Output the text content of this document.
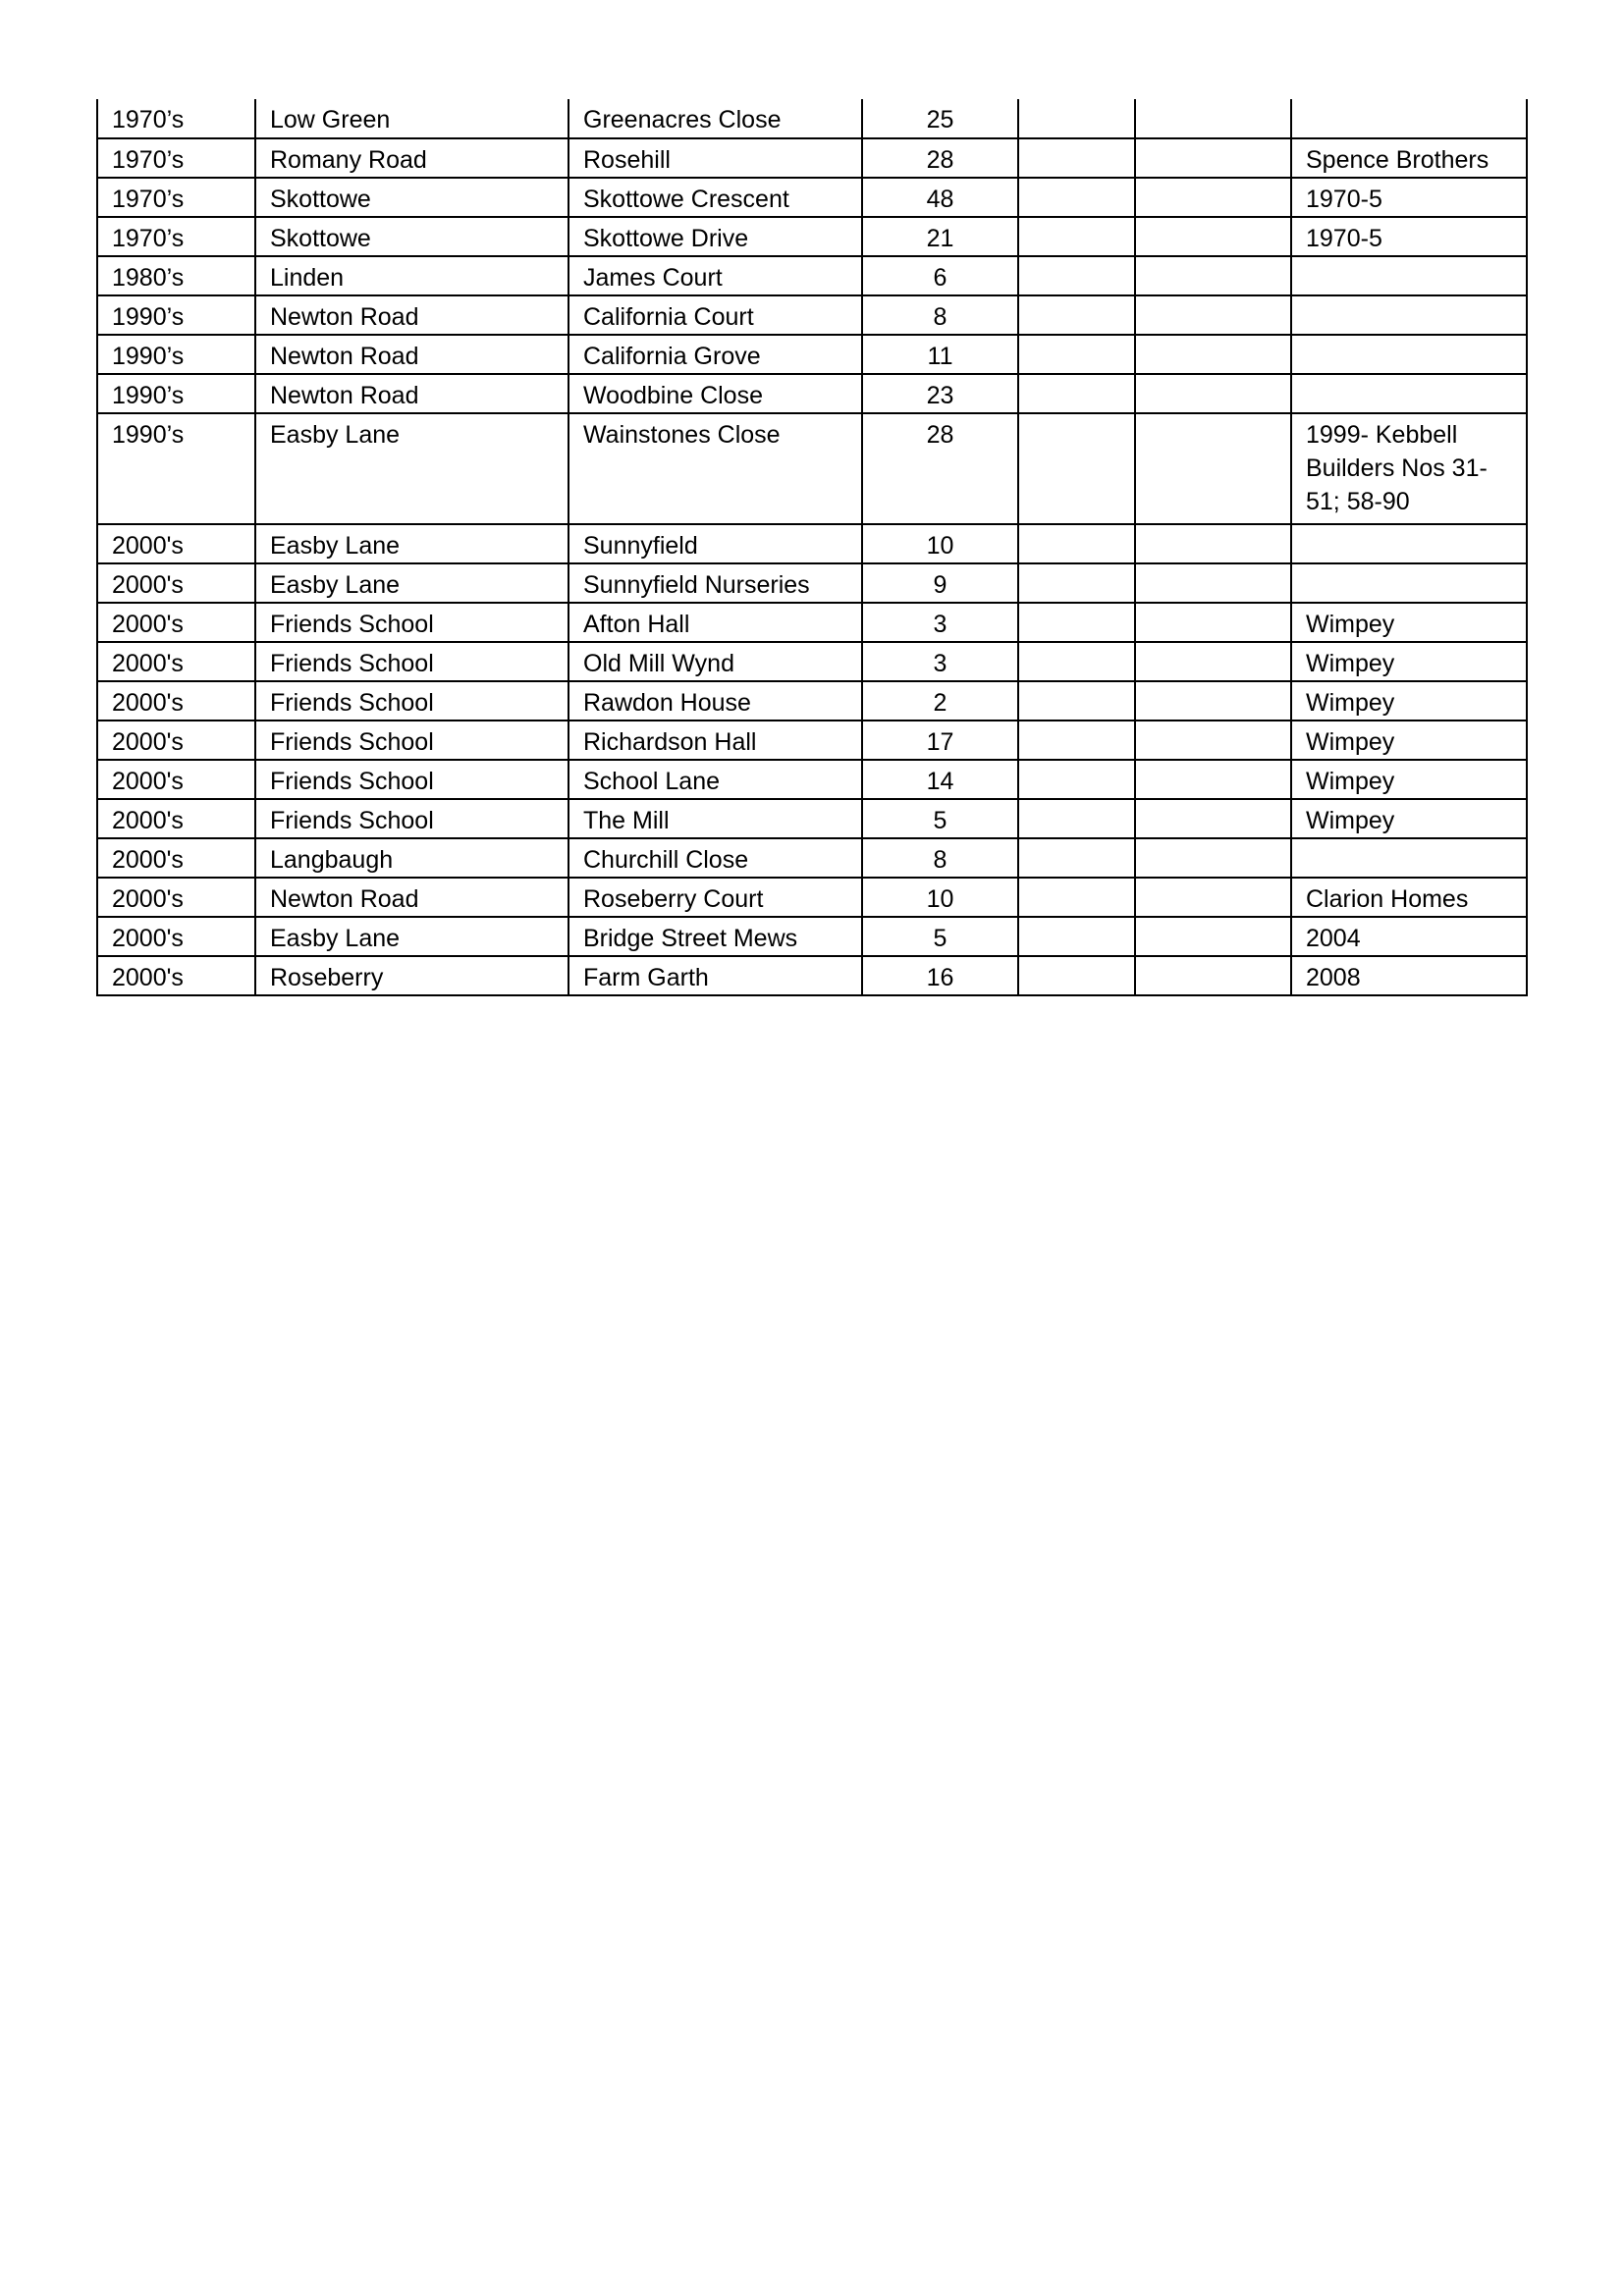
1970’s	Low Green	Greenacres Close	25			
1970’s	Romany Road	Rosehill	28			Spence Brothers
1970’s	Skottowe	Skottowe Crescent	48			1970-5
1970’s	Skottowe	Skottowe Drive	21			1970-5
1980’s	Linden	James Court	6			
1990’s	Newton Road	California Court	8			
1990’s	Newton Road	California Grove	11			
1990’s	Newton Road	Woodbine Close	23			
1990’s	Easby Lane	Wainstones Close	28			1999- Kebbell Builders Nos 31-51; 58-90
2000's	Easby Lane	Sunnyfield	10			
2000's	Easby Lane	Sunnyfield Nurseries	9			
2000's	Friends School	Afton Hall	3			Wimpey
2000's	Friends School	Old Mill Wynd	3			Wimpey
2000's	Friends School	Rawdon House	2			Wimpey
2000's	Friends School	Richardson Hall	17			Wimpey
2000's	Friends School	School Lane	14			Wimpey
2000's	Friends School	The Mill	5			Wimpey
2000's	Langbaugh	Churchill Close	8			
2000's	Newton Road	Roseberry Court	10			Clarion Homes
2000's	Easby Lane	Bridge Street Mews	5			2004
2000's	Roseberry	Farm Garth	16			2008
